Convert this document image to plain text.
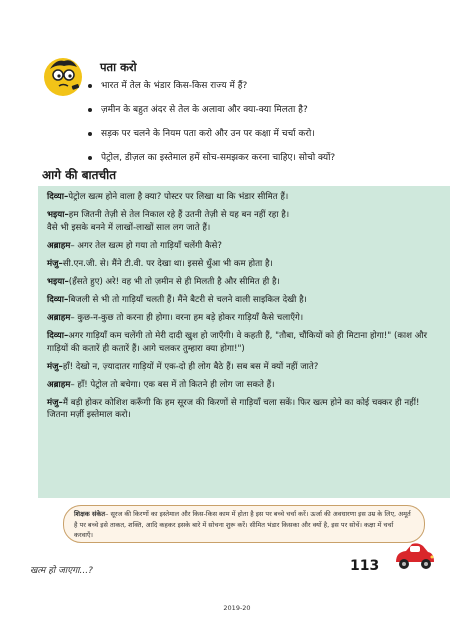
पता करो
भारत में तेल के भंडार किस-किस राज्य में हैं?
ज़मीन के बहुत अंदर से तेल के अलावा और क्या-क्या मिलता है?
सड़क पर चलने के नियम पता करो और उन पर कक्षा में चर्चा करो।
पेट्रोल, डीज़ल का इस्तेमाल हमें सोच-समझकर करना चाहिए। सोचो क्यों?
आगे की बातचीत

दिव्या–पेट्रोल खत्म होने वाला है क्या? पोस्टर पर लिखा था कि भंडार सीमित हैं।

भइया–हम जितनी तेज़ी से तेल निकाल रहे हैं उतनी तेज़ी से यह बन नहीं रहा है।

वैसे भी इसके बनने में लाखों-लाखों साल लग जाते हैं।

अब्राहम– अगर तेल खत्म हो गया तो गाड़ियाँ चलेंगी कैसे?

मंजु–सी.एन.जी. से। मैंने टी.वी. पर देखा था। इससे धुँआ भी कम होता है।

भइया–(हँसते हुए) अरे! वह भी तो ज़मीन से ही मिलती है और सीमित ही है।

दिव्या–बिजली से भी तो गाड़ियाँ चलती हैं। मैंने बैटरी से चलने वाली साइकिल देखी है।

अब्राहम– कुछ-न-कुछ तो करना ही होगा। वरना हम बड़े होकर गाड़ियाँ कैसे चलाएँगे।

दिव्या–अगर गाड़ियाँ कम चलेंगी तो मेरी दादी खुश हो जाएँगी। वे कहती हैं, "तौबा, चौंकियों को ही मिटाना होगा!" (काश और गाड़ियों की कतारें ही कतारें हैं। आगे चलकर तुम्हारा क्या होगा!")

मंजु–हाँ! देखो न, ज़्यादातर गाड़ियों में एक-दो ही लोग बैठे हैं। सब बस में क्यों नहीं जाते?

अब्राहम– हाँ! पेट्रोल तो बचेगा। एक बस में तो कितने ही लोग जा सकते हैं।

मंजु–मैं बड़ी होकर कोशिश करूँगी कि हम सूरज की किरणों से गाड़ियाँ चला सकें। फिर खत्म होने का कोई चक्कर ही नहीं! जितना मर्ज़ी इस्तेमाल करो।

शिक्षक संकेत– सूरज की किरणों का इस्तेमाल और किस-किस काम में होता है इस पर बच्चे चर्चा करें। ऊर्जा की अवधारणा इस उम्र के लिए, अमूर्त है पर बच्चे इसे ताकत, शक्ति, आदि कहकर इसके बारे में सोचना शुरू करें। सीमित भंडार किसका और क्यों है, इस पर सोचें। कक्षा में चर्चा करवाएँ।
खत्म हो जाएगा...?	113
2019-20
